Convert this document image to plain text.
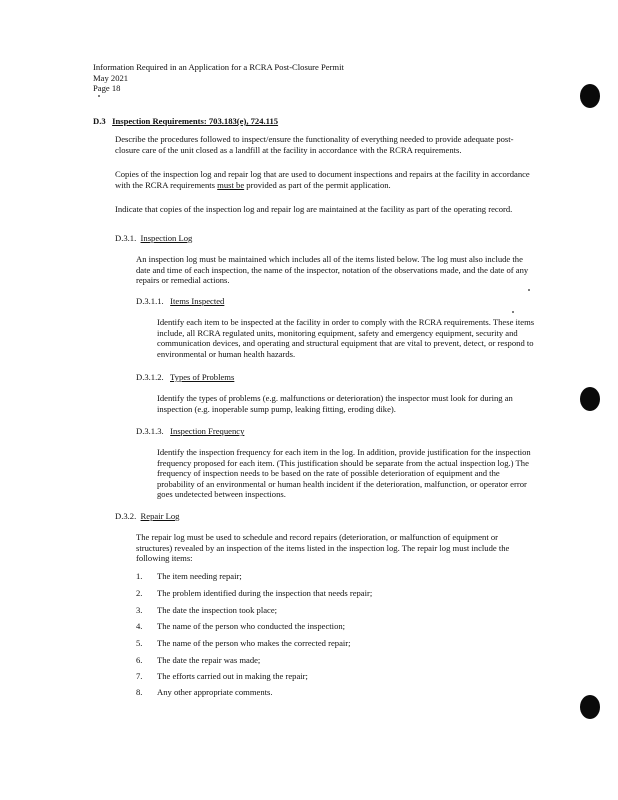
Information Required in an Application for a RCRA Post-Closure Permit
May 2021
Page 18
D.3 Inspection Requirements: 703.183(e), 724.115
Describe the procedures followed to inspect/ensure the functionality of everything needed to provide adequate post-closure care of the unit closed as a landfill at the facility in accordance with the RCRA requirements.
Copies of the inspection log and repair log that are used to document inspections and repairs at the facility in accordance with the RCRA requirements must be provided as part of the permit application.
Indicate that copies of the inspection log and repair log are maintained at the facility as part of the operating record.
D.3.1. Inspection Log
An inspection log must be maintained which includes all of the items listed below. The log must also include the date and time of each inspection, the name of the inspector, notation of the observations made, and the date of any repairs or remedial actions.
D.3.1.1. Items Inspected
Identify each item to be inspected at the facility in order to comply with the RCRA requirements. These items include, all RCRA regulated units, monitoring equipment, safety and emergency equipment, security and communication devices, and operating and structural equipment that are vital to prevent, detect, or respond to environmental or human health hazards.
D.3.1.2. Types of Problems
Identify the types of problems (e.g. malfunctions or deterioration) the inspector must look for during an inspection (e.g. inoperable sump pump, leaking fitting, eroding dike).
D.3.1.3. Inspection Frequency
Identify the inspection frequency for each item in the log. In addition, provide justification for the inspection frequency proposed for each item. (This justification should be separate from the actual inspection log.) The frequency of inspection needs to be based on the rate of possible deterioration of equipment and the probability of an environmental or human health incident if the deterioration, malfunction, or operator error goes undetected between inspections.
D.3.2. Repair Log
The repair log must be used to schedule and record repairs (deterioration, or malfunction of equipment or structures) revealed by an inspection of the items listed in the inspection log. The repair log must include the following items:
1. The item needing repair;
2. The problem identified during the inspection that needs repair;
3. The date the inspection took place;
4. The name of the person who conducted the inspection;
5. The name of the person who makes the corrected repair;
6. The date the repair was made;
7. The efforts carried out in making the repair;
8. Any other appropriate comments.
